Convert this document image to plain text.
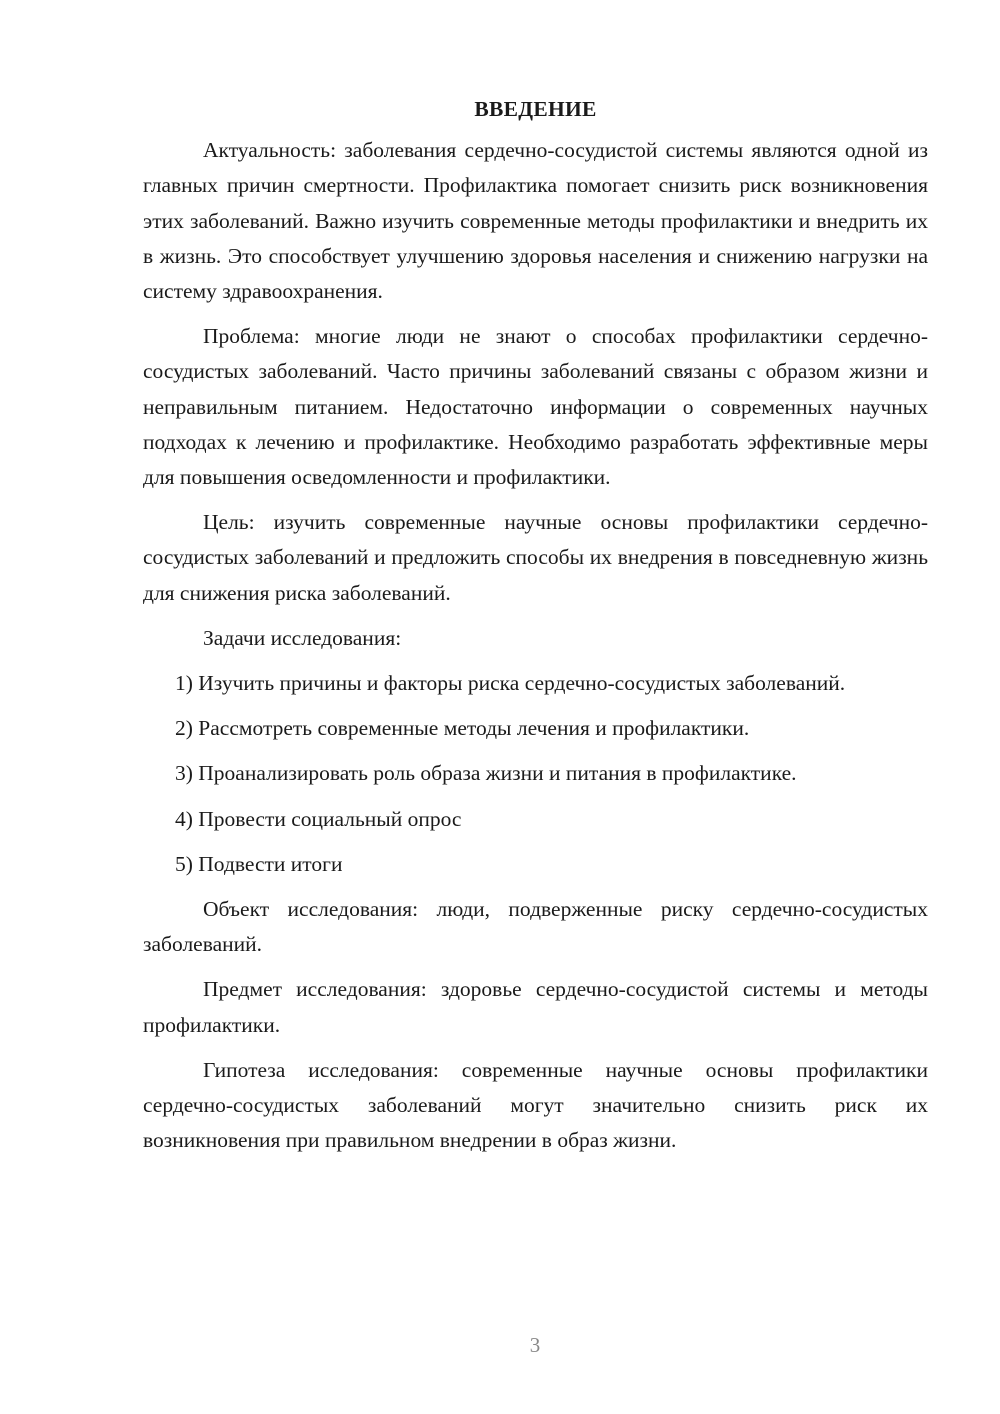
ВВЕДЕНИЕ

Актуальность: заболевания сердечно-сосудистой системы являются одной из главных причин смертности. Профилактика помогает снизить риск возникновения этих заболеваний. Важно изучить современные методы профилактики и внедрить их в жизнь. Это способствует улучшению здоровья населения и снижению нагрузки на систему здравоохранения.

Проблема: многие люди не знают о способах профилактики сердечно-сосудистых заболеваний. Часто причины заболеваний связаны с образом жизни и неправильным питанием. Недостаточно информации о современных научных подходах к лечению и профилактике. Необходимо разработать эффективные меры для повышения осведомленности и профилактики.

Цель: изучить современные научные основы профилактики сердечно-сосудистых заболеваний и предложить способы их внедрения в повседневную жизнь для снижения риска заболеваний.

Задачи исследования:

1) Изучить причины и факторы риска сердечно-сосудистых заболеваний.

2) Рассмотреть современные методы лечения и профилактики.

3) Проанализировать роль образа жизни и питания в профилактике.

4) Провести социальный опрос

5) Подвести итоги

Объект исследования: люди, подверженные риску сердечно-сосудистых заболеваний.

Предмет исследования: здоровье сердечно-сосудистой системы и методы профилактики.

Гипотеза исследования: современные научные основы профилактики сердечно-сосудистых заболеваний могут значительно снизить риск их возникновения при правильном внедрении в образ жизни.

3
